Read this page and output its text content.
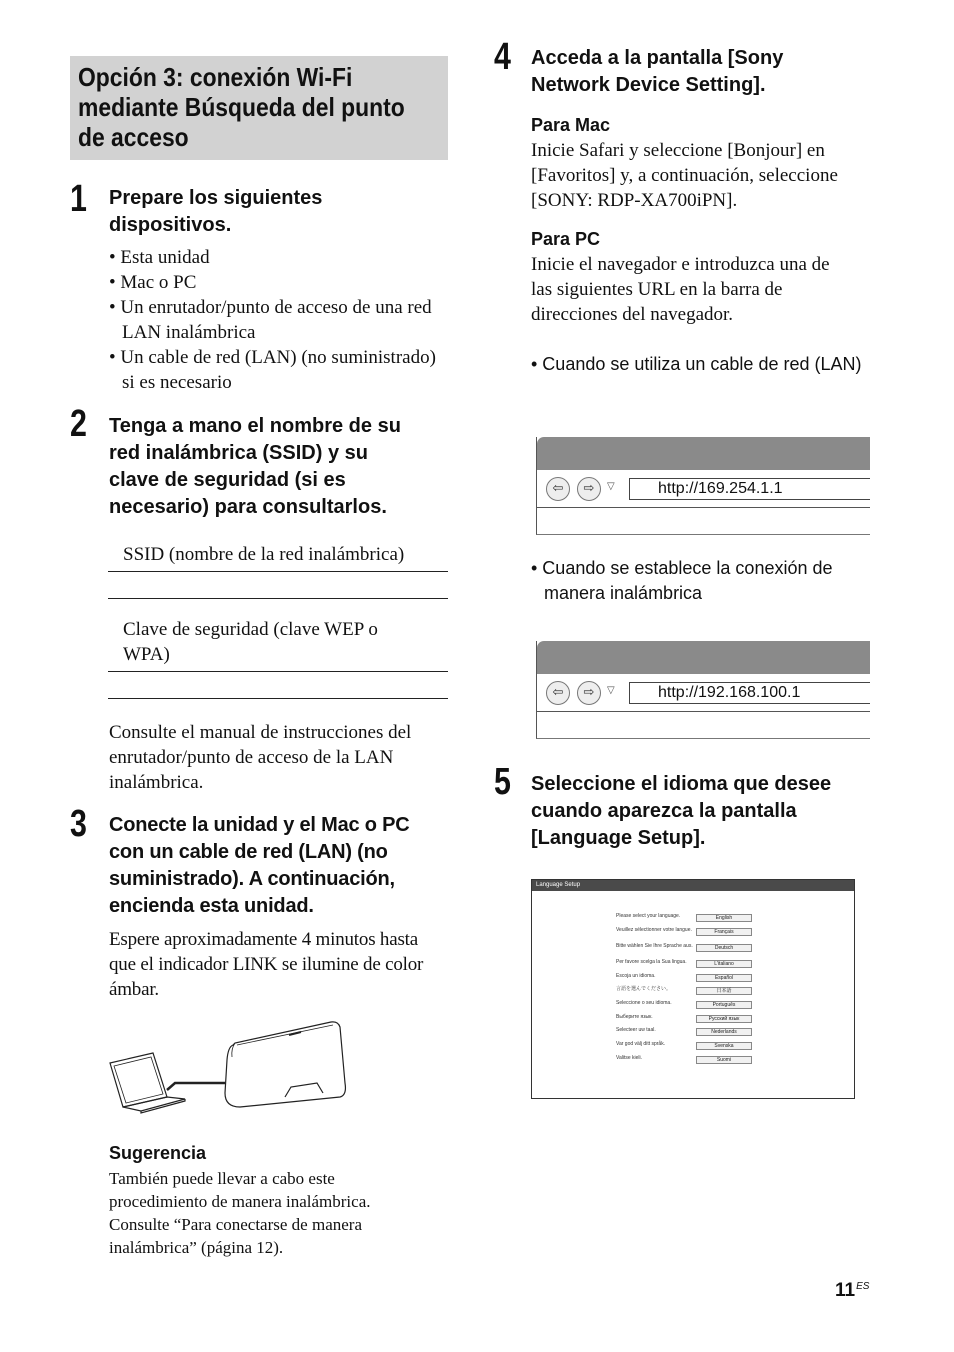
Opción 3: conexión Wi-Fi
mediante Búsqueda del punto
de acceso
1 Prepare los siguientes
dispositivos.
• Esta unidad
• Mac o PC
• Un enrutador/punto de acceso de una red LAN inalámbrica
• Un cable de red (LAN) (no suministrado) si es necesario
2 Tenga a mano el nombre de su
red inalámbrica (SSID) y su
clave de seguridad (si es
necesario) para consultarlos.
SSID (nombre de la red inalámbrica)
Clave de seguridad (clave WEP o
WPA)
Consulte el manual de instrucciones del
enrutador/punto de acceso de la LAN
inalámbrica.
3 Conecte la unidad y el Mac o PC
con un cable de red (LAN) (no
suministrado). A continuación,
encienda esta unidad.
Espere aproximadamente 4 minutos hasta
que el indicador LINK se ilumine de color
ámbar.
Sugerencia
También puede llevar a cabo este
procedimiento de manera inalámbrica.
Consulte “Para conectarse de manera
inalámbrica” (página 12).
4 Acceda a la pantalla [Sony
Network Device Setting].
Para Mac
Inicie Safari y seleccione [Bonjour] en
[Favoritos] y, a continuación, seleccione
[SONY: RDP-XA700iPN].
Para PC
Inicie el navegador e introduzca una de
las siguientes URL en la barra de
direcciones del navegador.
• Cuando se utiliza un cable de red (LAN)
⇦	⇨	▽	http://169.254.1.1
• Cuando se establece la conexión de manera inalámbrica
⇦	⇨	▽	http://192.168.100.1
5 Seleccione el idioma que desee
cuando aparezca la pantalla
[Language Setup].
Language Setup
Please select your language.	English
Veuillez sélectionner votre langue.	Français
Bitte wählen Sie Ihre Sprache aus.	Deutsch
Per favore scelga la Sua lingua.	L'italiano
Escoja un idioma.	Español
言語を選んでください。	日本語
Seleccione o seu idioma.	Português
Выберите язык.	Русский язык
Selecteer uw taal.	Nederlands
Var god välj ditt språk.	Svenska
Valitse kieli.	Suomi
$11^{ES}$
